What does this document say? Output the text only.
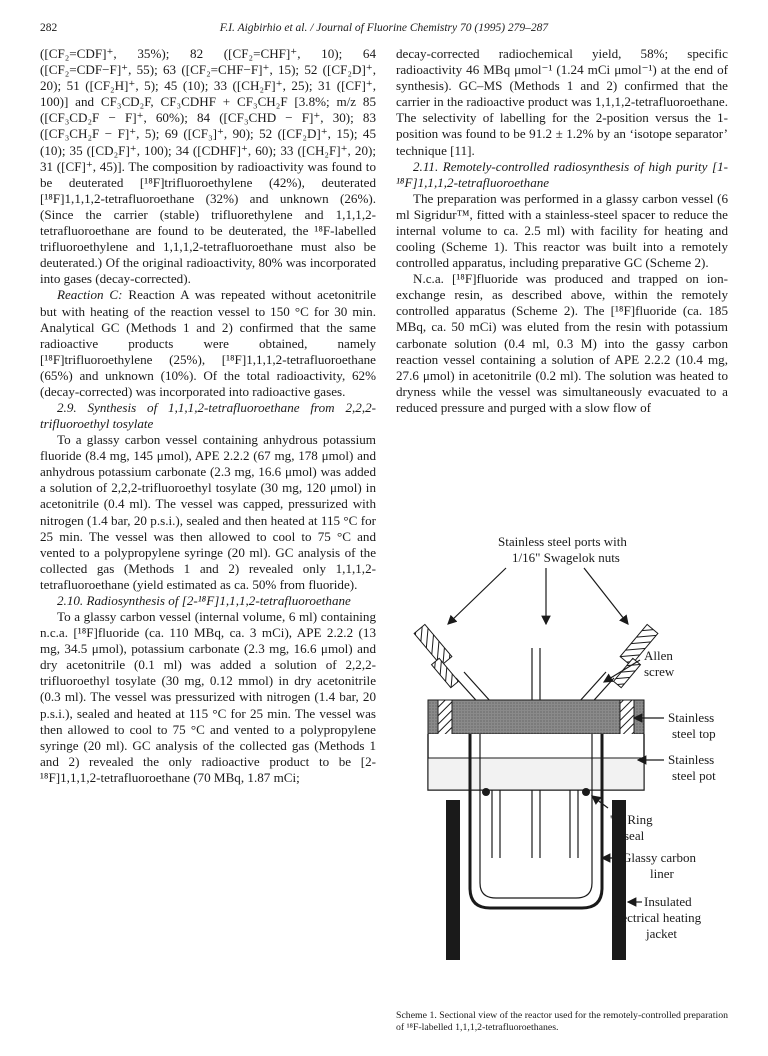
282	F.I. Aigbirhio et al. / Journal of Fluorine Chemistry 70 (1995) 279–287

([CF₂=CDF]⁺, 35%); 82 ([CF₂=CHF]⁺, 10); 64 ([CF₂=CDF−F]⁺, 55); 63 ([CF₂=CHF−F]⁺, 15); 52 ([CF₂D]⁺, 20); 51 ([CF₂H]⁺, 5); 45 (10); 33 ([CH₂F]⁺, 25); 31 ([CF]⁺, 100)] and CF₃CD₂F, CF₃CDHF + CF₃CH₂F [3.8%; m/z 85 ([CF₃CD₂F − F]⁺, 60%); 84 ([CF₃CHD − F]⁺, 30); 83 ([CF₃CH₂F − F]⁺, 5); 69 ([CF₃]⁺, 90); 52 ([CF₂D]⁺, 15); 45 (10); 35 ([CD₂F]⁺, 100); 34 ([CDHF]⁺, 60); 33 ([CH₂F]⁺, 20); 31 ([CF]⁺, 45)]. The composition by radioactivity was found to be deuterated [¹⁸F]trifluoroethylene (42%), deuterated [¹⁸F]1,1,1,2-tetrafluoroethane (32%) and unknown (26%). (Since the carrier (stable) trifluorethylene and 1,1,1,2-tetrafluoroethane are found to be deuterated, the ¹⁸F-labelled trifluoroethylene and 1,1,1,2-tetrafluoroethane must also be deuterated.) Of the original radioactivity, 80% was incorporated into gases (decay-corrected).

Reaction C: Reaction A was repeated without acetonitrile but with heating of the reaction vessel to 150 °C for 30 min. Analytical GC (Methods 1 and 2) confirmed that the same radioactive products were obtained, namely [¹⁸F]trifluoroethylene (25%), [¹⁸F]1,1,1,2-tetrafluoroethane (65%) and unknown (10%). Of the total radioactivity, 62% (decay-corrected) was incorporated into radioactive gases.

2.9. Synthesis of 1,1,1,2-tetrafluoroethane from 2,2,2-trifluoroethyl tosylate

To a glassy carbon vessel containing anhydrous potassium fluoride (8.4 mg, 145 μmol), APE 2.2.2 (67 mg, 178 μmol) and anhydrous potassium carbonate (2.3 mg, 16.6 μmol) was added a solution of 2,2,2-trifluoroethyl tosylate (30 mg, 120 μmol) in acetonitrile (0.4 ml). The vessel was capped, pressurized with nitrogen (1.4 bar, 20 p.s.i.), sealed and then heated at 115 °C for 25 min. The vessel was then allowed to cool to 75 °C and vented to a polypropylene syringe (20 ml). GC analysis of the collected gas (Methods 1 and 2) revealed only 1,1,1,2-tetrafluoroethane (yield estimated as ca. 50% from fluoride).

2.10. Radiosynthesis of [2-¹⁸F]1,1,1,2-tetrafluoroethane

To a glassy carbon vessel (internal volume, 6 ml) containing n.c.a. [¹⁸F]fluoride (ca. 110 MBq, ca. 3 mCi), APE 2.2.2 (13 mg, 34.5 μmol), potassium carbonate (2.3 mg, 16.6 μmol) and dry acetonitrile (0.1 ml) was added a solution of 2,2,2-trifluoroethyl tosylate (30 mg, 0.12 mmol) in dry acetonitrile (0.3 ml). The vessel was pressurized with nitrogen (1.4 bar, 20 p.s.i.), sealed and heated at 115 °C for 25 min. The vessel was then allowed to cool to 75 °C and vented to a polypropylene syringe (20 ml). GC analysis of the collected gas (Methods 1 and 2) revealed the only radioactive product to be [2-¹⁸F]1,1,1,2-tetrafluoroethane (70 MBq, 1.87 mCi;

decay-corrected radiochemical yield, 58%; specific radioactivity 46 MBq μmol⁻¹ (1.24 mCi μmol⁻¹) at the end of synthesis). GC–MS (Methods 1 and 2) confirmed that the carrier in the radioactive product was 1,1,1,2-tetrafluoroethane. The selectivity of labelling for the 2-position versus the 1-position was found to be 91.2 ± 1.2% by an ‘isotope separator’ technique [11].

2.11. Remotely-controlled radiosynthesis of high purity [1-¹⁸F]1,1,1,2-tetrafluoroethane

The preparation was performed in a glassy carbon vessel (6 ml Sigridur™, fitted with a stainless-steel spacer to reduce the internal volume to ca. 2.5 ml) with facility for heating and cooling (Scheme 1). This reactor was built into a remotely controlled apparatus, including preparative GC (Scheme 2).

N.c.a. [¹⁸F]fluoride was produced and trapped on ion-exchange resin, as described above, within the remotely controlled apparatus (Scheme 2). The [¹⁸F]fluoride (ca. 185 MBq, ca. 50 mCi) was eluted from the resin with potassium carbonate solution (0.4 ml, 0.3 M) into the gassy carbon reaction vessel containing a solution of APE 2.2.2 (10.4 mg, 27.6 μmol) in acetonitrile (0.2 ml). The solution was heated to dryness while the vessel was simultaneously evacuated to a reduced pressure and purged with a slow flow of

Stainless steel ports with
1/16" Swagelok nuts
Allen
screw
Stainless
steel top
Stainless
steel pot
'O' Ring
seal
Glassy carbon
liner
Insulated
electrical heating
jacket
Scheme 1. Sectional view of the reactor used for the remotely-controlled preparation of ¹⁸F-labelled 1,1,1,2-tetrafluoroethanes.
